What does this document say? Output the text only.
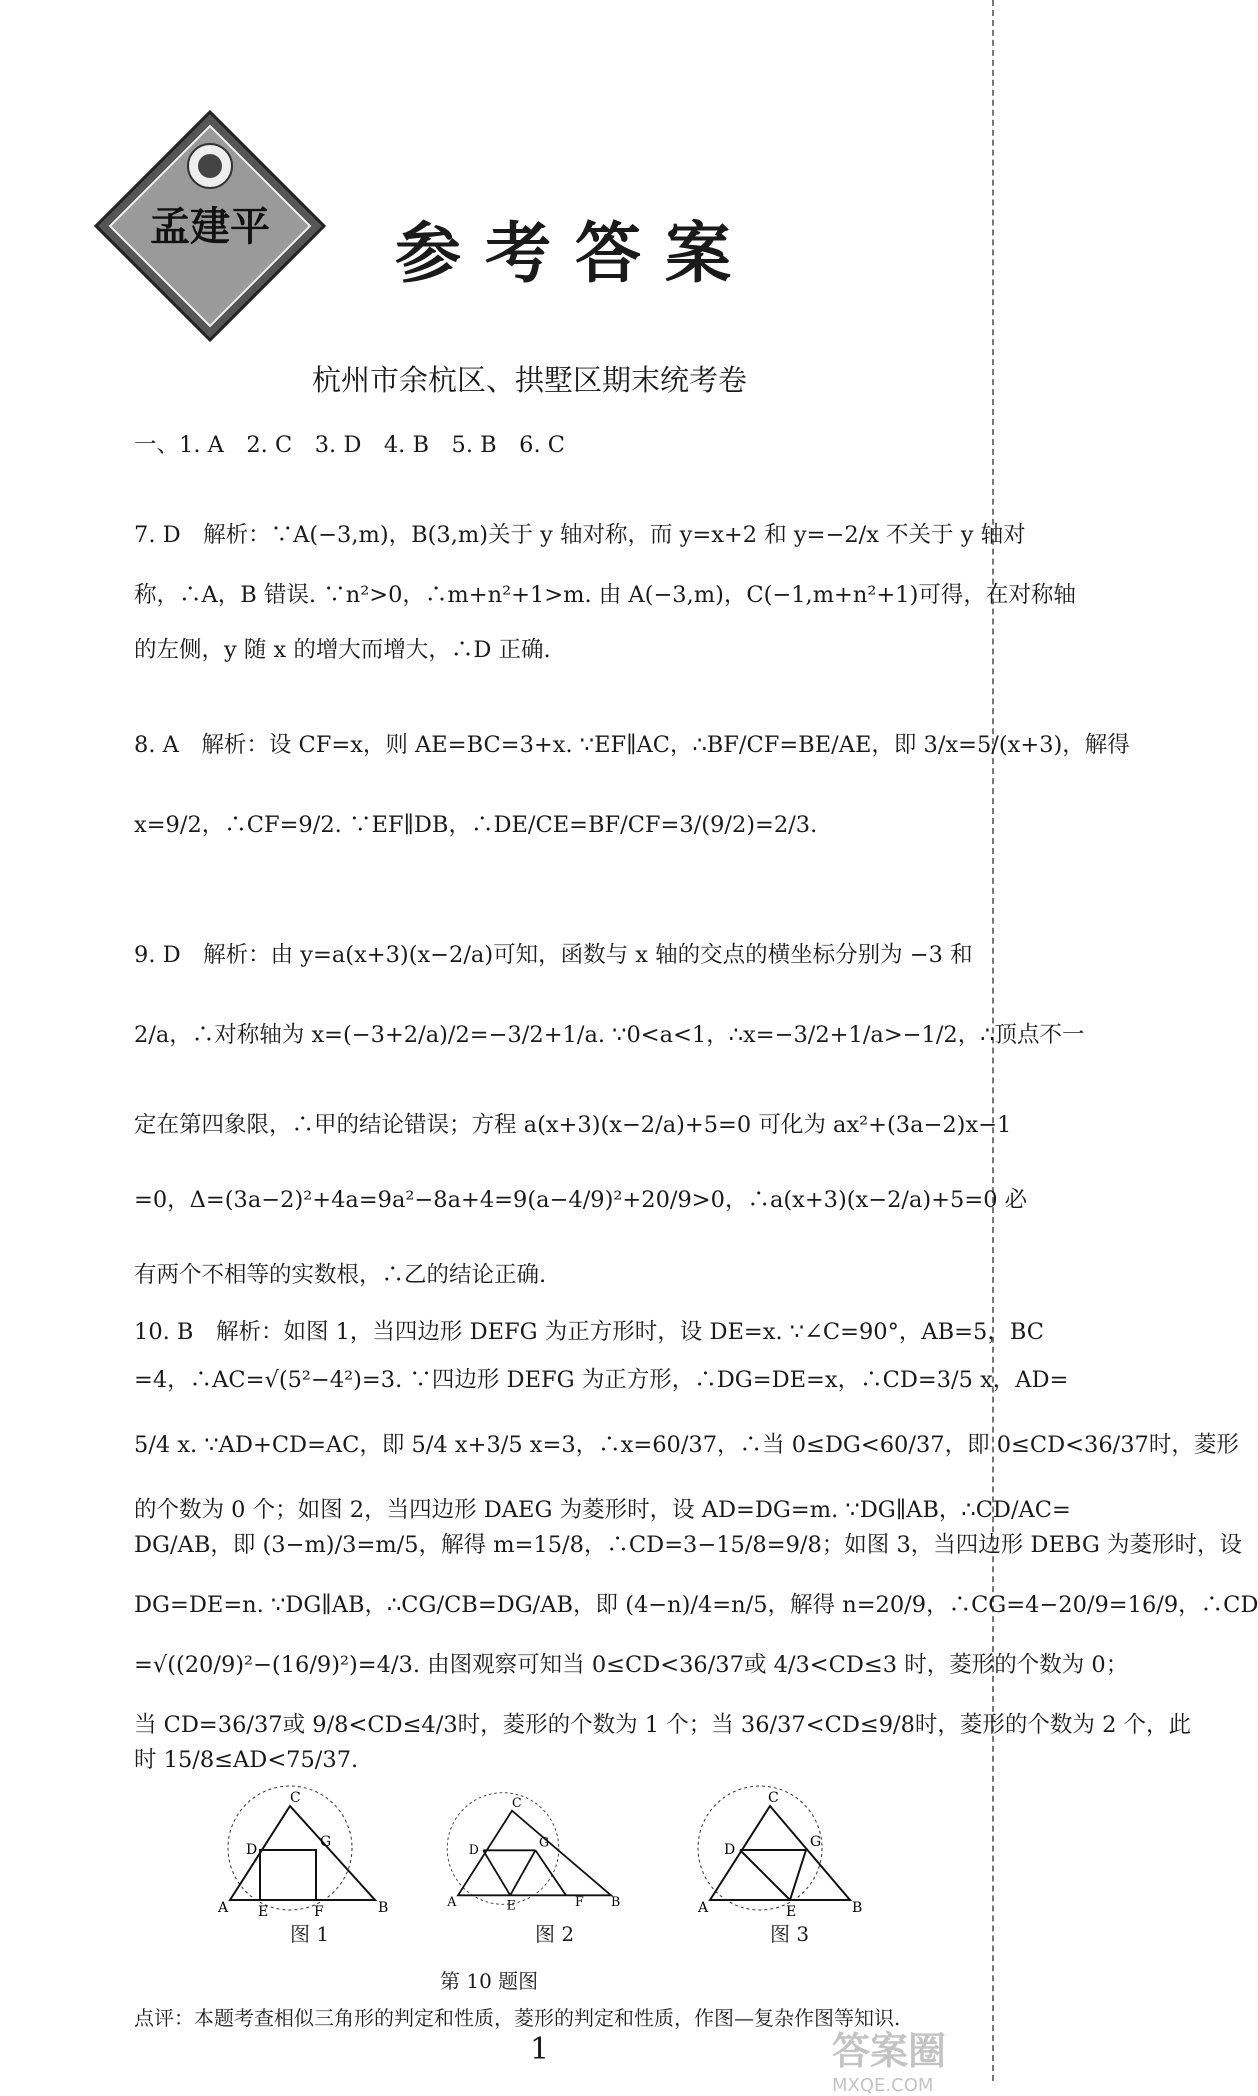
孟建平 参考答案
杭州市余杭区、拱墅区期末统考卷
一、1. A　2. C　3. D　4. B　5. B　6. C
7. D　解析：∵A(−3,m)，B(3,m)关于 y 轴对称，而 y=x+2 和 y=−2/x 不关于 y 轴对
称，∴A，B 错误. ∵n²>0，∴m+n²+1>m. 由 A(−3,m)，C(−1,m+n²+1)可得，在对称轴
的左侧，y 随 x 的增大而增大，∴D 正确.
8. A　解析：设 CF=x，则 AE=BC=3+x. ∵EF∥AC，∴BF/CF=BE/AE，即 3/x=5/(x+3)，解得
x=9/2，∴CF=9/2. ∵EF∥DB，∴DE/CE=BF/CF=3/(9/2)=2/3.
9. D　解析：由 y=a(x+3)(x−2/a)可知，函数与 x 轴的交点的横坐标分别为 −3 和
2/a，∴对称轴为 x=(−3+2/a)/2=−3/2+1/a. ∵0<a<1，∴x=−3/2+1/a>−1/2，∴顶点不一
定在第四象限，∴甲的结论错误；方程 a(x+3)(x−2/a)+5=0 可化为 ax²+(3a−2)x−1
=0，Δ=(3a−2)²+4a=9a²−8a+4=9(a−4/9)²+20/9>0，∴a(x+3)(x−2/a)+5=0 必
有两个不相等的实数根，∴乙的结论正确.
10. B　解析：如图 1，当四边形 DEFG 为正方形时，设 DE=x. ∵∠C=90°，AB=5，BC
=4，∴AC=√(5²−4²)=3. ∵四边形 DEFG 为正方形，∴DG=DE=x，∴CD=3/5 x，AD=
5/4 x. ∵AD+CD=AC，即 5/4 x+3/5 x=3，∴x=60/37，∴当 0≤DG<60/37，即 0≤CD<36/37时，菱形
的个数为 0 个；如图 2，当四边形 DAEG 为菱形时，设 AD=DG=m. ∵DG∥AB，∴CD/AC=
DG/AB，即 (3−m)/3=m/5，解得 m=15/8，∴CD=3−15/8=9/8；如图 3，当四边形 DEBG 为菱形时，设
DG=DE=n. ∵DG∥AB，∴CG/CB=DG/AB，即 (4−n)/4=n/5，解得 n=20/9，∴CG=4−20/9=16/9，∴CD
=√((20/9)²−(16/9)²)=4/3. 由图观察可知当 0≤CD<36/37或 4/3<CD≤3 时，菱形的个数为 0；
当 CD=36/37或 9/8<CD≤4/3时，菱形的个数为 1 个；当 36/37<CD≤9/8时，菱形的个数为 2 个，此
时 15/8≤AD<75/37.
C
D	G
A E	F	B
图 1
C
D	G
A	E	F B
图 2
C
D	G
A	E	B
图 3
第 10 题图
点评：本题考查相似三角形的判定和性质，菱形的判定和性质，作图—复杂作图等知识.
1	答案圈
MXQE.COM
